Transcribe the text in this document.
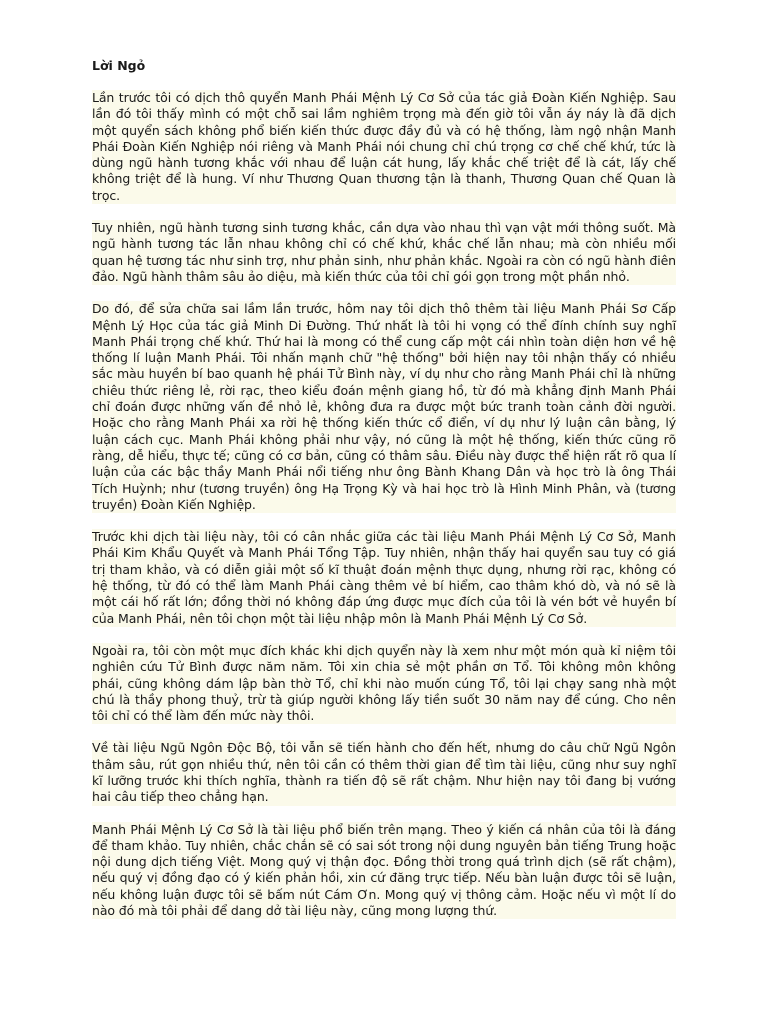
Lời Ngỏ

Lần trước tôi có dịch thô quyển Manh Phái Mệnh Lý Cơ Sở của tác giả Đoàn Kiến Nghiệp. Sau lần đó tôi thấy mình có một chỗ sai lầm nghiêm trọng mà đến giờ tôi vẫn áy náy là đã dịch một quyển sách không phổ biến kiến thức được đầy đủ và có hệ thống, làm ngộ nhận Manh Phái Đoàn Kiến Nghiệp nói riêng và Manh Phái nói chung chỉ chú trọng cơ chế chế khứ, tức là dùng ngũ hành tương khắc với nhau để luận cát hung, lấy khắc chế triệt để là cát, lấy chế không triệt để là hung. Ví như Thương Quan thương tận là thanh, Thương Quan chế Quan là trọc.

Tuy nhiên, ngũ hành tương sinh tương khắc, cần dựa vào nhau thì vạn vật mới thông suốt. Mà ngũ hành tương tác lẫn nhau không chỉ có chế khứ, khắc chế lẫn nhau; mà còn nhiều mối quan hệ tương tác như sinh trợ, như phản sinh, như phản khắc. Ngoài ra còn có ngũ hành điên đảo. Ngũ hành thâm sâu ảo diệu, mà kiến thức của tôi chỉ gói gọn trong một phần nhỏ.

Do đó, để sửa chữa sai lầm lần trước, hôm nay tôi dịch thô thêm tài liệu Manh Phái Sơ Cấp Mệnh Lý Học của tác giả Minh Di Đường. Thứ nhất là tôi hi vọng có thể đính chính suy nghĩ Manh Phái trọng chế khứ. Thứ hai là mong có thể cung cấp một cái nhìn toàn diện hơn về hệ thống lí luận Manh Phái. Tôi nhấn mạnh chữ "hệ thống" bởi hiện nay tôi nhận thấy có nhiều sắc màu huyền bí bao quanh hệ phái Tử Bình này, ví dụ như cho rằng Manh Phái chỉ là những chiêu thức riêng lẻ, rời rạc, theo kiểu đoán mệnh giang hồ, từ đó mà khẳng định Manh Phái chỉ đoán được những vấn đề nhỏ lẻ, không đưa ra được một bức tranh toàn cảnh đời người. Hoặc cho rằng Manh Phái xa rời hệ thống kiến thức cổ điển, ví dụ như lý luận cân bằng, lý luận cách cục. Manh Phái không phải như vậy, nó cũng là một hệ thống, kiến thức cũng rõ ràng, dễ hiểu, thực tế; cũng có cơ bản, cũng có thâm sâu. Điều này được thể hiện rất rõ qua lí luận của các bậc thầy Manh Phái nổi tiếng như ông Bành Khang Dân và học trò là ông Thái Tích Huỳnh; như (tương truyền) ông Hạ Trọng Kỳ và hai học trò là Hình Minh Phân, và (tương truyền) Đoàn Kiến Nghiệp.

Trước khi dịch tài liệu này, tôi có cân nhắc giữa các tài liệu Manh Phái Mệnh Lý Cơ Sở, Manh Phái Kim Khẩu Quyết và Manh Phái Tổng Tập. Tuy nhiên, nhận thấy hai quyển sau tuy có giá trị tham khảo, và có diễn giải một số kĩ thuật đoán mệnh thực dụng, nhưng rời rạc, không có hệ thống, từ đó có thể làm Manh Phái càng thêm vẻ bí hiểm, cao thâm khó dò, và nó sẽ là một cái hố rất lớn; đồng thời nó không đáp ứng được mục đích của tôi là vén bớt vẻ huyền bí của Manh Phái, nên tôi chọn một tài liệu nhập môn là Manh Phái Mệnh Lý Cơ Sở.

Ngoài ra, tôi còn một mục đích khác khi dịch quyển này là xem như một món quà kỉ niệm tôi nghiên cứu Tử Bình được năm năm. Tôi xin chia sẻ một phần ơn Tổ. Tôi không môn không phái, cũng không dám lập bàn thờ Tổ, chỉ khi nào muốn cúng Tổ, tôi lại chạy sang nhà một chú là thầy phong thuỷ, trừ tà giúp người không lấy tiền suốt 30 năm nay để cúng. Cho nên tôi chỉ có thể làm đến mức này thôi.

Về tài liệu Ngũ Ngôn Độc Bộ, tôi vẫn sẽ tiến hành cho đến hết, nhưng do câu chữ Ngũ Ngôn thâm sâu, rút gọn nhiều thứ, nên tôi cần có thêm thời gian để tìm tài liệu, cũng như suy nghĩ kĩ lưỡng trước khi thích nghĩa, thành ra tiến độ sẽ rất chậm. Như hiện nay tôi đang bị vướng hai câu tiếp theo chẳng hạn.

Manh Phái Mệnh Lý Cơ Sở là tài liệu phổ biến trên mạng. Theo ý kiến cá nhân của tôi là đáng để tham khảo. Tuy nhiên, chắc chắn sẽ có sai sót trong nội dung nguyên bản tiếng Trung hoặc nội dung dịch tiếng Việt. Mong quý vị thận đọc. Đồng thời trong quá trình dịch (sẽ rất chậm), nếu quý vị đồng đạo có ý kiến phản hồi, xin cứ đăng trực tiếp. Nếu bàn luận được tôi sẽ luận, nếu không luận được tôi sẽ bấm nút Cám Ơn. Mong quý vị thông cảm. Hoặc nếu vì một lí do nào đó mà tôi phải để dang dở tài liệu này, cũng mong lượng thứ.
